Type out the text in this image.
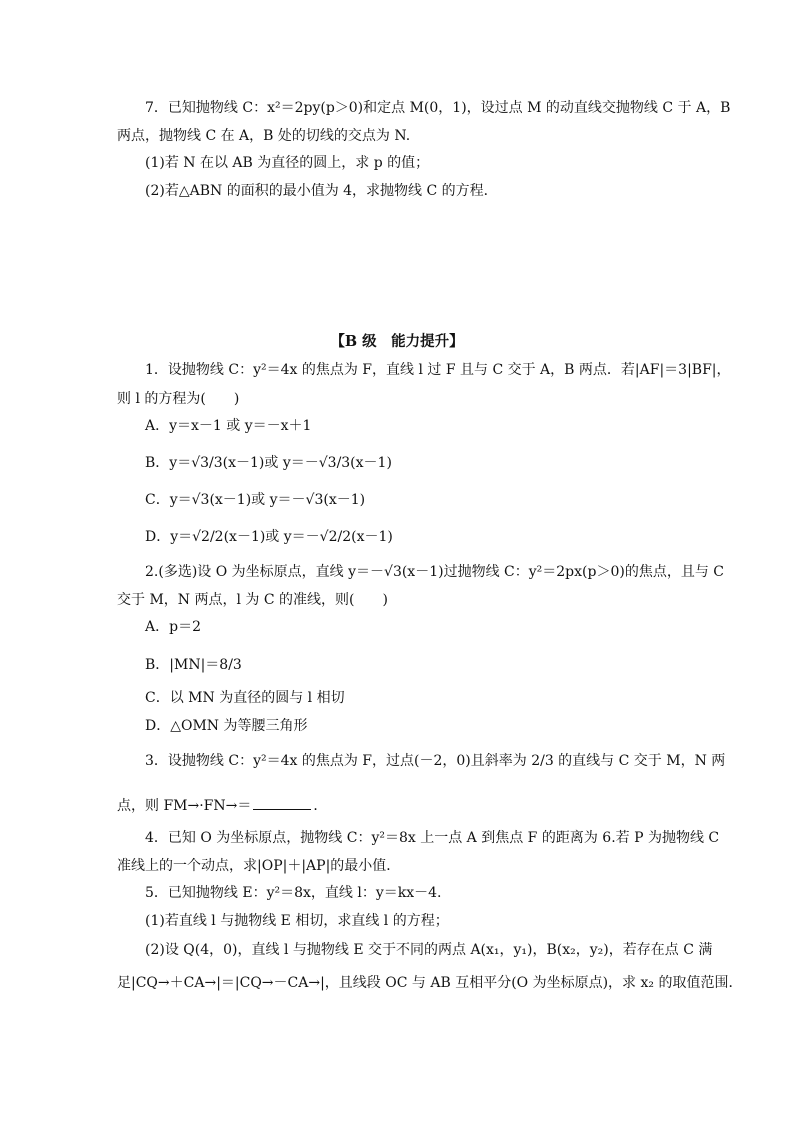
7．已知抛物线 C：x²＝2py(p＞0)和定点 M(0，1)，设过点 M 的动直线交抛物线 C 于 A，B
两点，抛物线 C 在 A，B 处的切线的交点为 N.
(1)若 N 在以 AB 为直径的圆上，求 p 的值；
(2)若△ABN 的面积的最小值为 4，求抛物线 C 的方程．
【B 级　能力提升】
1．设抛物线 C：y²＝4x 的焦点为 F，直线 l 过 F 且与 C 交于 A，B 两点．若|AF|＝3|BF|，
则 l 的方程为(　　)
A．y＝x－1 或 y＝－x＋1
B．y＝√3/3(x－1)或 y＝－√3/3(x－1)
C．y＝√3(x－1)或 y＝－√3(x－1)
D．y＝√2/2(x－1)或 y＝－√2/2(x－1)
2.(多选)设 O 为坐标原点，直线 y＝－√3(x－1)过抛物线 C：y²＝2px(p＞0)的焦点，且与 C
交于 M，N 两点，l 为 C 的准线，则(　　)
A．p＝2
B．|MN|＝8/3
C．以 MN 为直径的圆与 l 相切
D．△OMN 为等腰三角形
3．设抛物线 C：y²＝4x 的焦点为 F，过点(－2，0)且斜率为 2/3 的直线与 C 交于 M，N 两
点，则 FM→·FN→＝	．
4．已知 O 为坐标原点，抛物线 C：y²＝8x 上一点 A 到焦点 F 的距离为 6.若 P 为抛物线 C
准线上的一个动点，求|OP|＋|AP|的最小值．
5．已知抛物线 E：y²＝8x，直线 l：y＝kx－4.
(1)若直线 l 与抛物线 E 相切，求直线 l 的方程；
(2)设 Q(4，0)，直线 l 与抛物线 E 交于不同的两点 A(x₁，y₁)，B(x₂，y₂)，若存在点 C 满
足|CQ→＋CA→|＝|CQ→－CA→|，且线段 OC 与 AB 互相平分(O 为坐标原点)，求 x₂ 的取值范围．
